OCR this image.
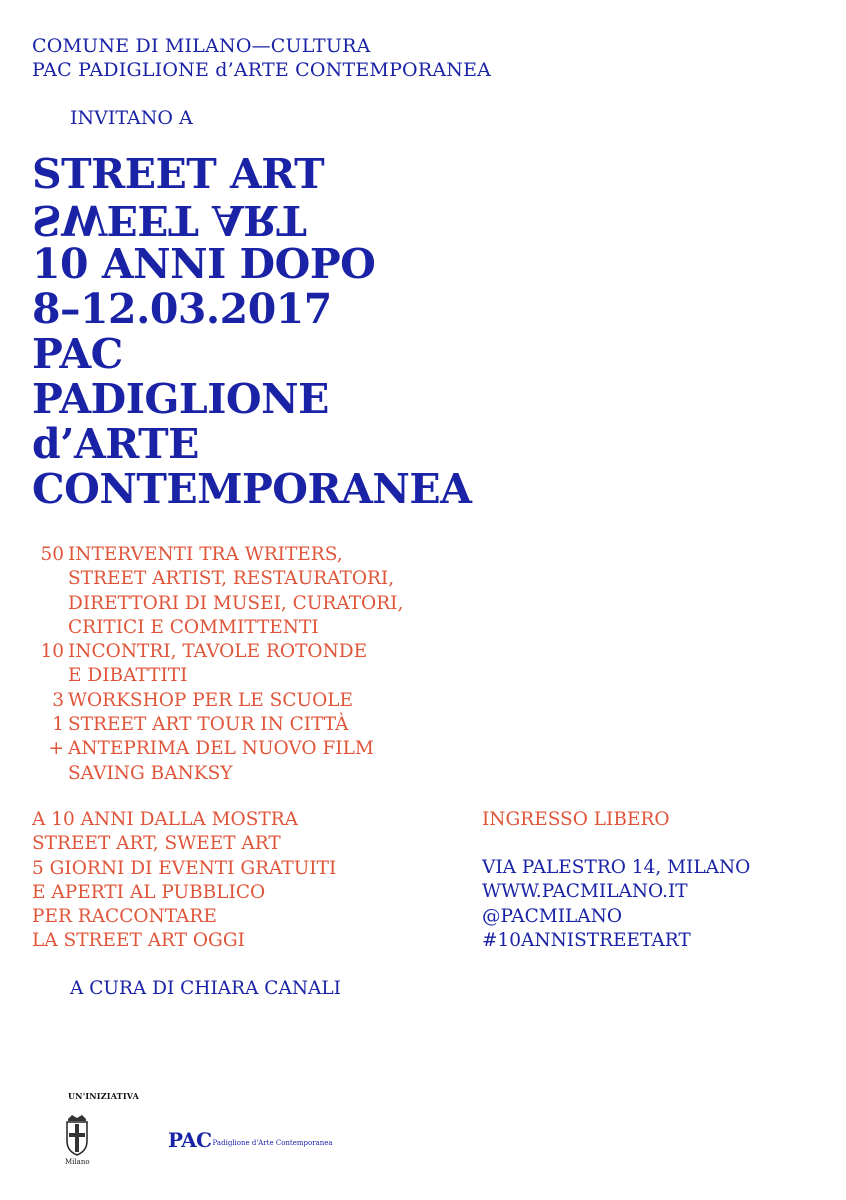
COMUNE DI MILANO—CULTURA
PAC PADIGLIONE d’ARTE CONTEMPORANEA
INVITANO A
STREET ART
SWEET ART
10 ANNI DOPO
8–12.03.2017
PAC
PADIGLIONE
d’ARTE
CONTEMPORANEA
50 INTERVENTI TRA WRITERS,
STREET ARTIST, RESTAURATORI,
DIRETTORI DI MUSEI, CURATORI,
CRITICI E COMMITTENTI
10 INCONTRI, TAVOLE ROTONDE
E DIBATTITI
3 WORKSHOP PER LE SCUOLE
1 STREET ART TOUR IN CITTÀ
+ ANTEPRIMA DEL NUOVO FILM
SAVING BANKSY
A 10 ANNI DALLA MOSTRA
STREET ART, SWEET ART
5 GIORNI DI EVENTI GRATUITI
E APERTI AL PUBBLICO
PER RACCONTARE
LA STREET ART OGGI
INGRESSO LIBERO
VIA PALESTRO 14, MILANO
WWW.PACMILANO.IT
@PACMILANO
#10ANNISTREETART
A CURA DI CHIARA CANALI
UN'INIZIATIVA
Milano
PACPadiglione d'Arte Contemporanea
